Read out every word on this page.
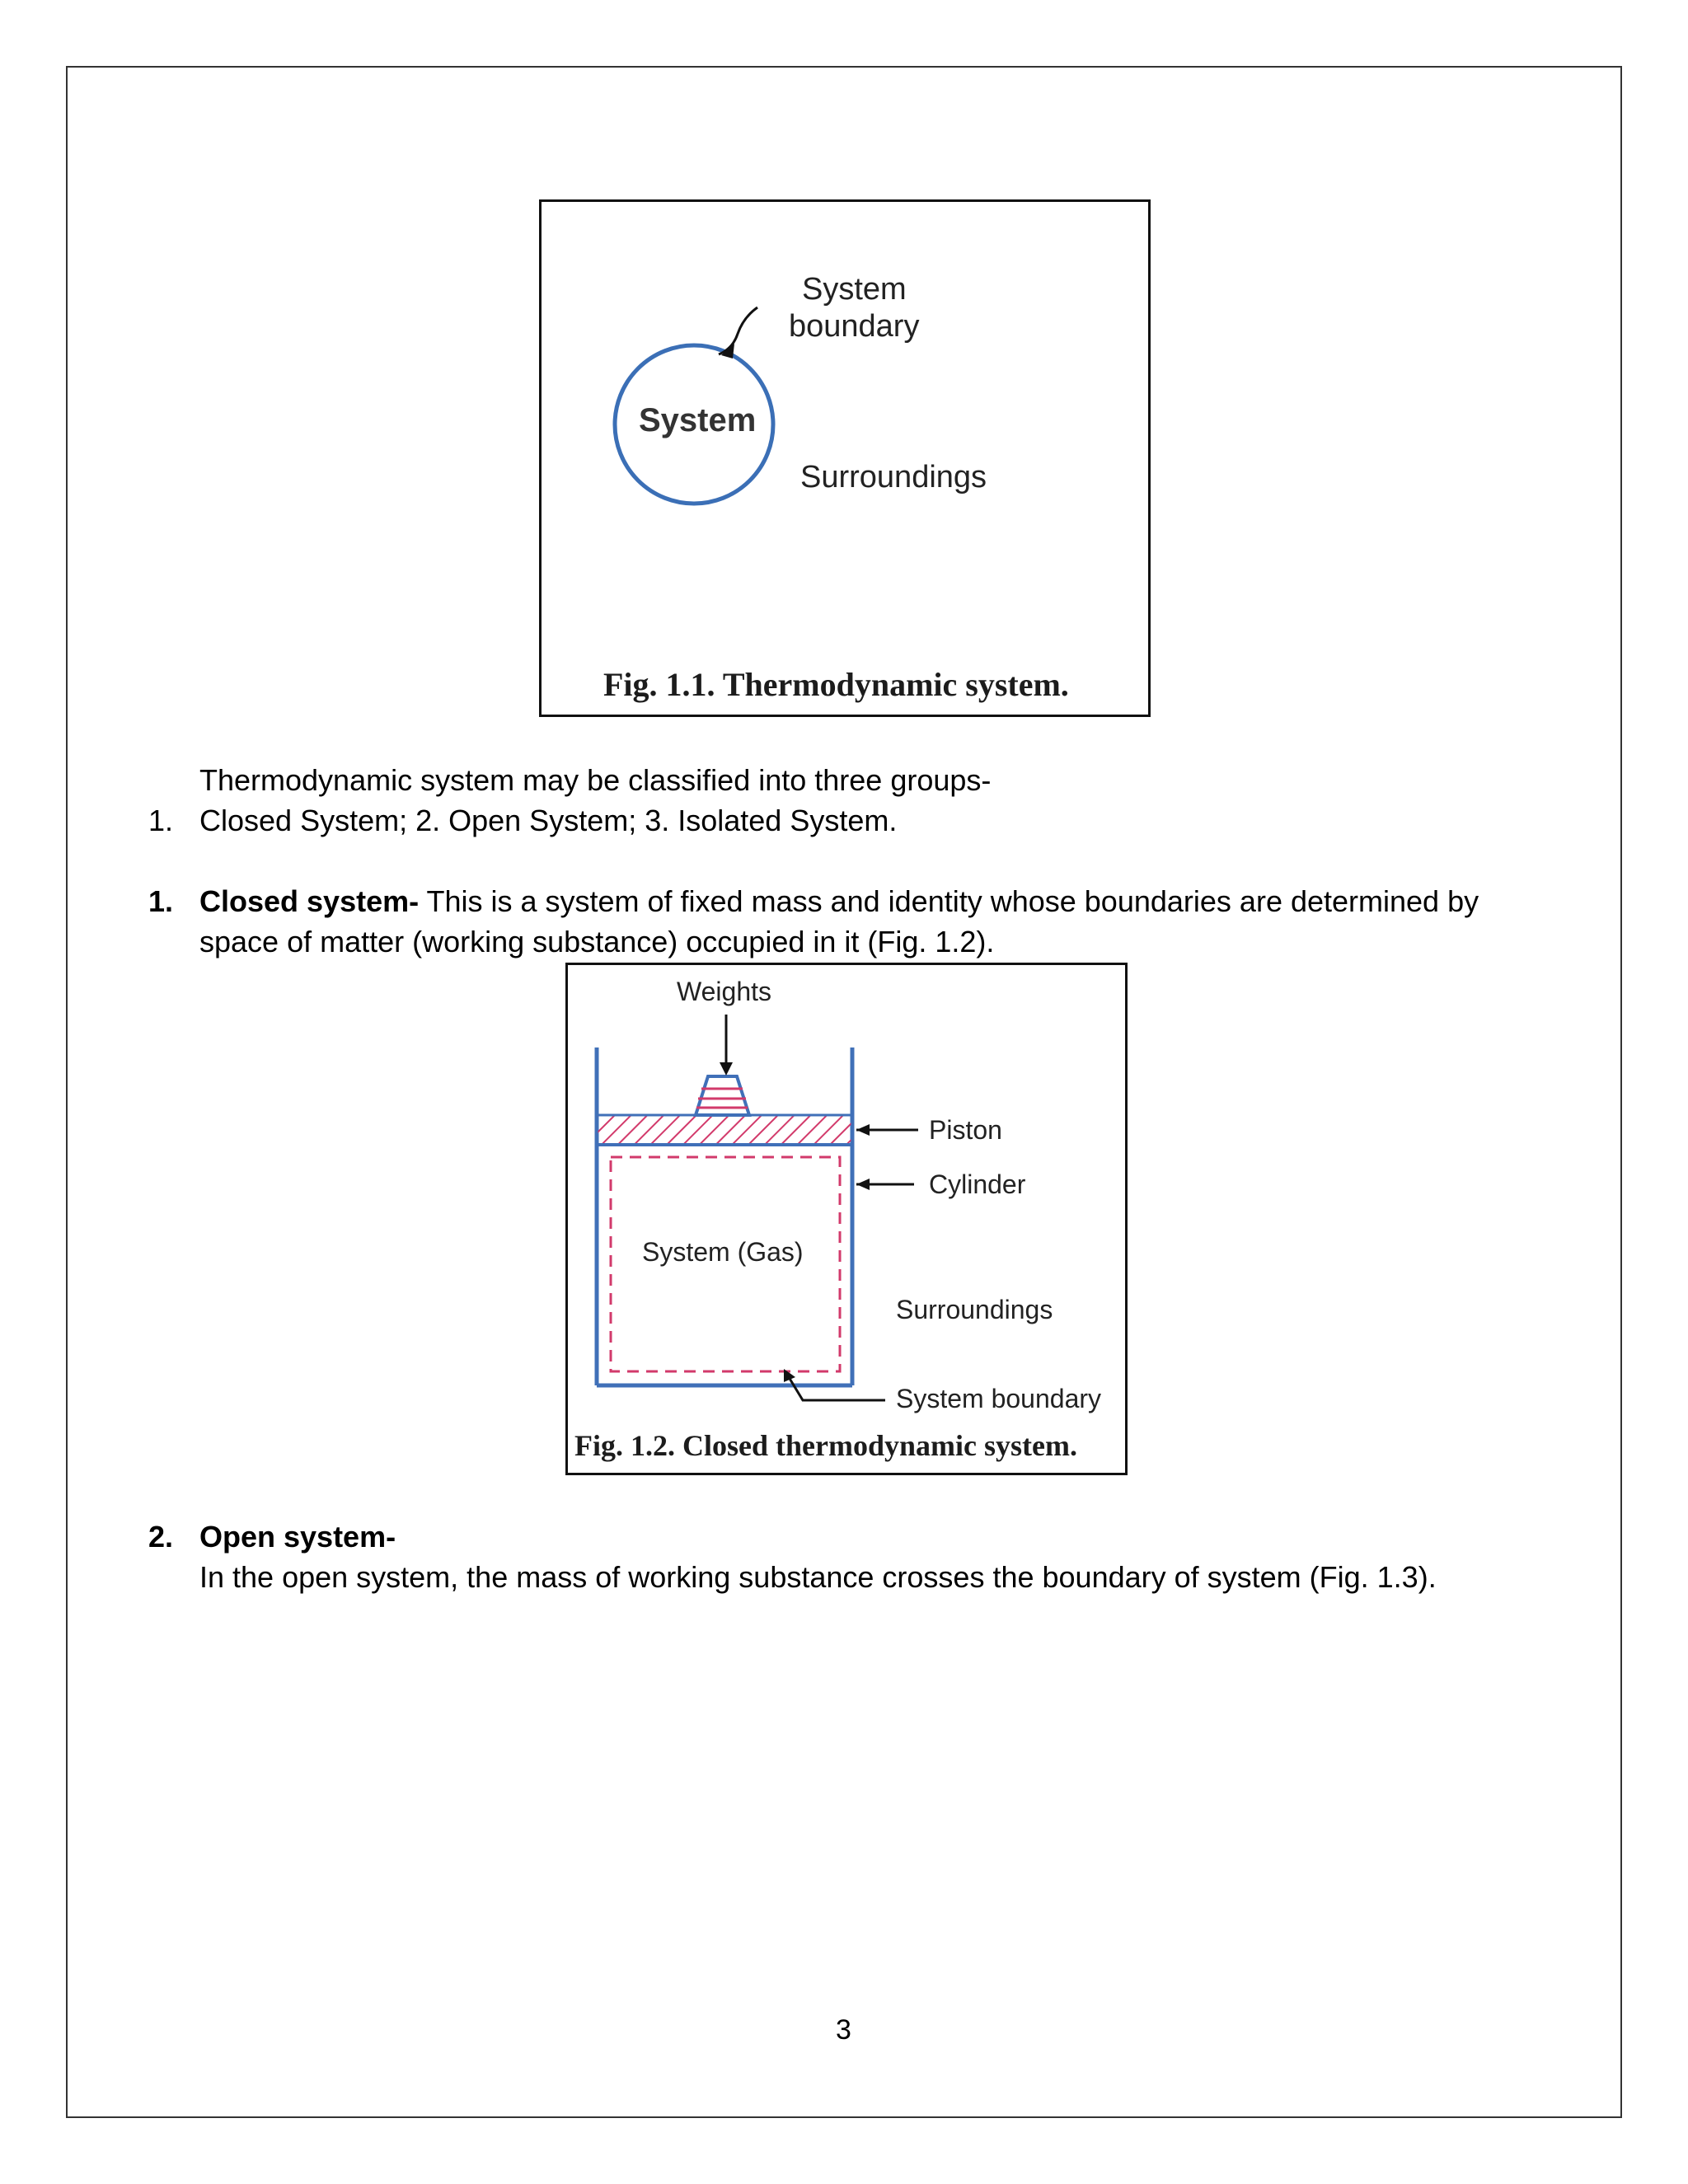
System
boundary
System
Surroundings
Fig. 1.1. Thermodynamic system.
Thermodynamic system may be classified into three groups-
1. Closed System; 2. Open System; 3. Isolated System.
1. Closed system- This is a system of fixed mass and identity whose boundaries are determined by
space of matter (working substance) occupied in it (Fig. 1.2).
Weights
Piston
Cylinder
System (Gas)
Surroundings
System boundary
Fig. 1.2. Closed thermodynamic system.
2. Open system-
In the open system, the mass of working substance crosses the boundary of system (Fig. 1.3).
3
